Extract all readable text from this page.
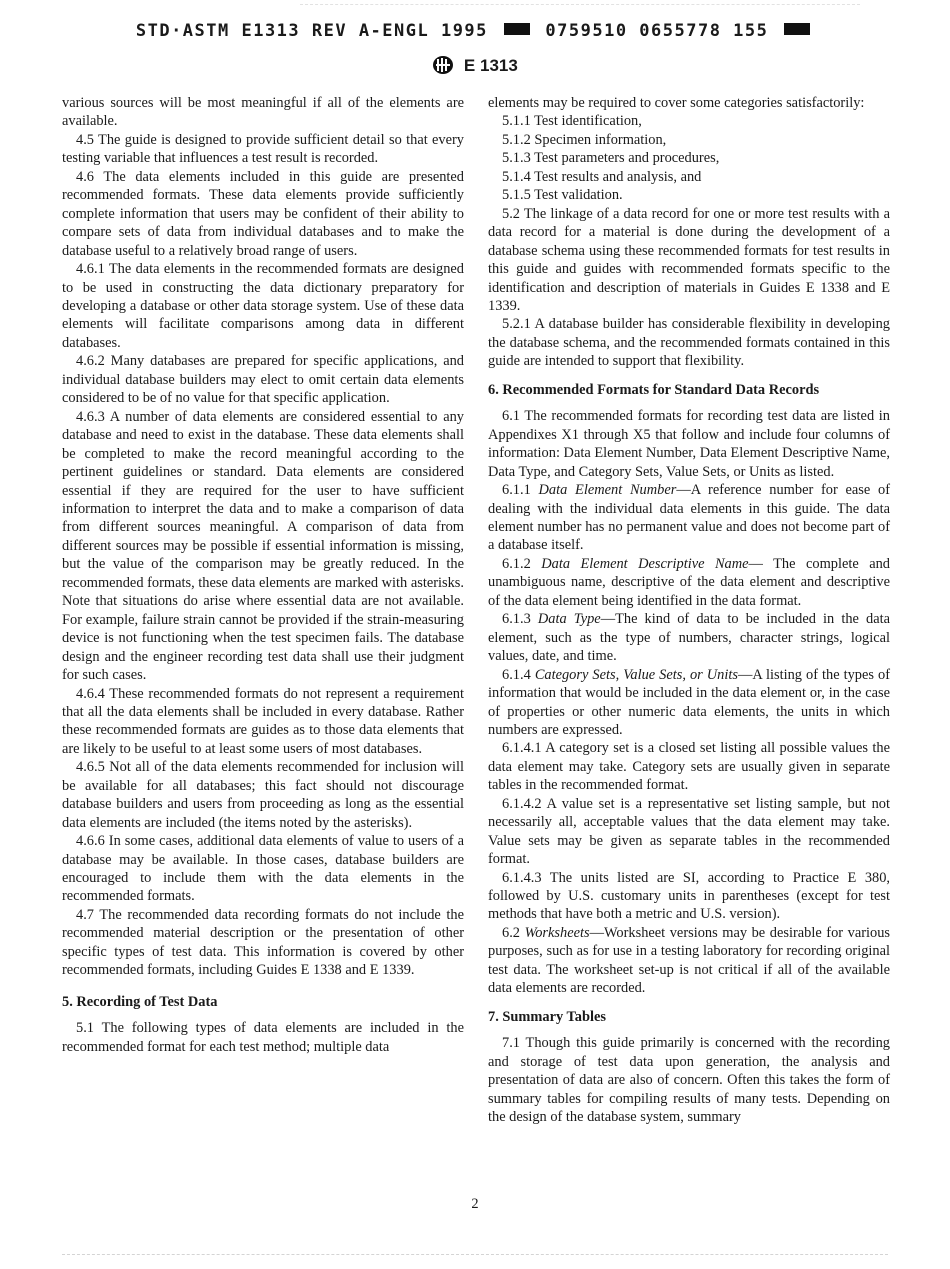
STD·ASTM E1313 REV A-ENGL 1995	0759510 0655778 155
E 1313

various sources will be most meaningful if all of the elements are available.

4.5 The guide is designed to provide sufficient detail so that every testing variable that influences a test result is recorded.

4.6 The data elements included in this guide are presented recommended formats. These data elements provide sufficiently complete information that users may be confident of their ability to compare sets of data from individual databases and to make the database useful to a relatively broad range of users.

4.6.1 The data elements in the recommended formats are designed to be used in constructing the data dictionary preparatory for developing a database or other data storage system. Use of these data elements will facilitate comparisons among data in different databases.

4.6.2 Many databases are prepared for specific applications, and individual database builders may elect to omit certain data elements considered to be of no value for that specific application.

4.6.3 A number of data elements are considered essential to any database and need to exist in the database. These data elements shall be completed to make the record meaningful according to the pertinent guidelines or standard. Data elements are considered essential if they are required for the user to have sufficient information to interpret the data and to make a comparison of data from different sources meaningful. A comparison of data from different sources may be possible if essential information is missing, but the value of the comparison may be greatly reduced. In the recommended formats, these data elements are marked with asterisks. Note that situations do arise where essential data are not available. For example, failure strain cannot be provided if the strain-measuring device is not functioning when the test specimen fails. The database design and the engineer recording test data shall use their judgment for such cases.

4.6.4 These recommended formats do not represent a requirement that all the data elements shall be included in every database. Rather these recommended formats are guides as to those data elements that are likely to be useful to at least some users of most databases.

4.6.5 Not all of the data elements recommended for inclusion will be available for all databases; this fact should not discourage database builders and users from proceeding as long as the essential data elements are included (the items noted by the asterisks).

4.6.6 In some cases, additional data elements of value to users of a database may be available. In those cases, database builders are encouraged to include them with the data elements in the recommended formats.

4.7 The recommended data recording formats do not include the recommended material description or the presentation of other specific types of test data. This information is covered by other recommended formats, including Guides E 1338 and E 1339.

5. Recording of Test Data

5.1 The following types of data elements are included in the recommended format for each test method; multiple data

elements may be required to cover some categories satisfactorily:

5.1.1 Test identification,

5.1.2 Specimen information,

5.1.3 Test parameters and procedures,

5.1.4 Test results and analysis, and

5.1.5 Test validation.

5.2 The linkage of a data record for one or more test results with a data record for a material is done during the development of a database schema using these recommended formats for test results in this guide and guides with recommended formats specific to the identification and description of materials in Guides E 1338 and E 1339.

5.2.1 A database builder has considerable flexibility in developing the database schema, and the recommended formats contained in this guide are intended to support that flexibility.

6. Recommended Formats for Standard Data Records

6.1 The recommended formats for recording test data are listed in Appendixes X1 through X5 that follow and include four columns of information: Data Element Number, Data Element Descriptive Name, Data Type, and Category Sets, Value Sets, or Units as listed.

6.1.1 Data Element Number—A reference number for ease of dealing with the individual data elements in this guide. The data element number has no permanent value and does not become part of a database itself.

6.1.2 Data Element Descriptive Name— The complete and unambiguous name, descriptive of the data element and descriptive of the data element being identified in the data format.

6.1.3 Data Type—The kind of data to be included in the data element, such as the type of numbers, character strings, logical values, date, and time.

6.1.4 Category Sets, Value Sets, or Units—A listing of the types of information that would be included in the data element or, in the case of properties or other numeric data elements, the units in which numbers are expressed.

6.1.4.1 A category set is a closed set listing all possible values the data element may take. Category sets are usually given in separate tables in the recommended format.

6.1.4.2 A value set is a representative set listing sample, but not necessarily all, acceptable values that the data element may take. Value sets may be given as separate tables in the recommended format.

6.1.4.3 The units listed are SI, according to Practice E 380, followed by U.S. customary units in parentheses (except for test methods that have both a metric and U.S. version).

6.2 Worksheets—Worksheet versions may be desirable for various purposes, such as for use in a testing laboratory for recording original test data. The worksheet set-up is not critical if all of the available data elements are recorded.

7. Summary Tables

7.1 Though this guide primarily is concerned with the recording and storage of test data upon generation, the analysis and presentation of data are also of concern. Often this takes the form of summary tables for compiling results of many tests. Depending on the design of the database system, summary

2
